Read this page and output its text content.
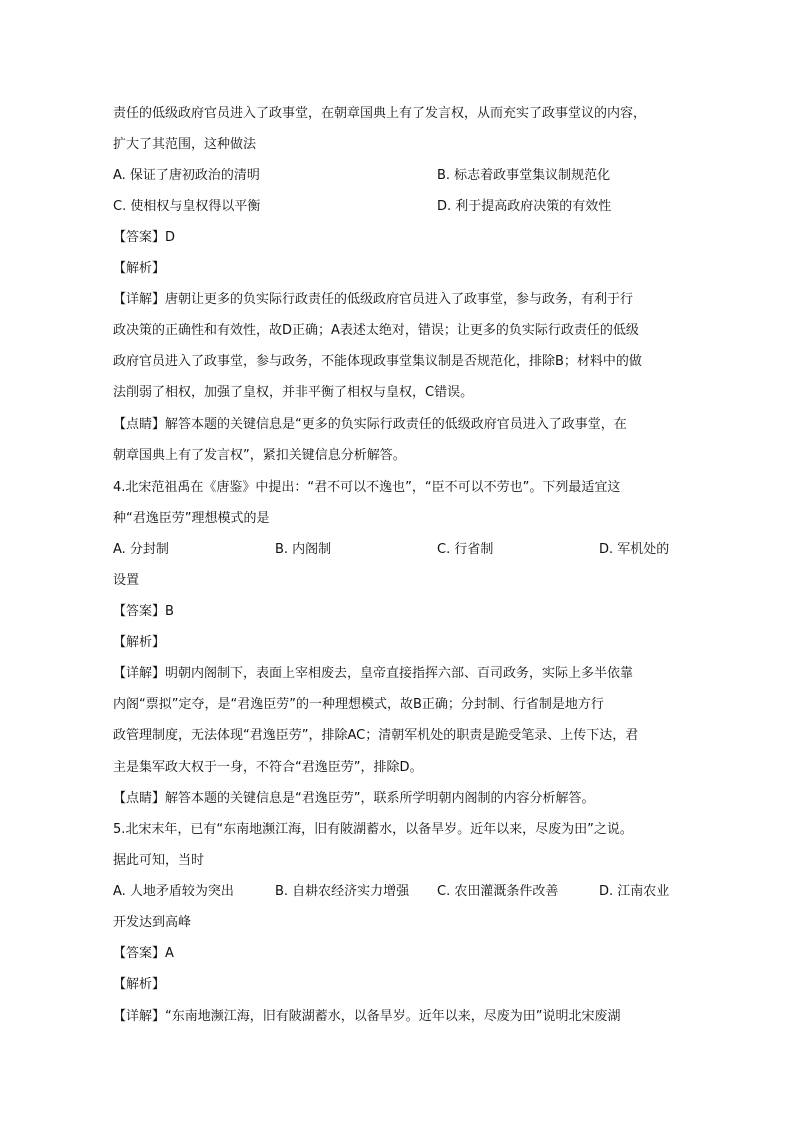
责任的低级政府官员进入了政事堂，在朝章国典上有了发言权，从而充实了政事堂议的内容，
扩大了其范围，这种做法
A. 保证了唐初政治的清明	B. 标志着政事堂集议制规范化
C. 使相权与皇权得以平衡	D. 利于提高政府决策的有效性
【答案】D
【解析】
【详解】唐朝让更多的负实际行政责任的低级政府官员进入了政事堂，参与政务，有利于行
政决策的正确性和有效性，故D正确；A表述太绝对，错误；让更多的负实际行政责任的低级
政府官员进入了政事堂，参与政务，不能体现政事堂集议制是否规范化，排除B；材料中的做
法削弱了相权，加强了皇权，并非平衡了相权与皇权，C错误。
【点睛】解答本题的关键信息是“更多的负实际行政责任的低级政府官员进入了政事堂，在
朝章国典上有了发言权”，紧扣关键信息分析解答。
4.北宋范祖禹在《唐鉴》中提出：“君不可以不逸也”，“臣不可以不劳也”。下列最适宜这
种“君逸臣劳”理想模式的是
A. 分封制	B. 内阁制	C. 行省制	D. 军机处的
设置
【答案】B
【解析】
【详解】明朝内阁制下，表面上宰相废去，皇帝直接指挥六部、百司政务，实际上多半依靠
内阁“票拟”定夺，是“君逸臣劳”的一种理想模式，故B正确；分封制、行省制是地方行
政管理制度，无法体现“君逸臣劳”，排除AC；清朝军机处的职责是跪受笔录、上传下达，君
主是集军政大权于一身，不符合“君逸臣劳”，排除D。
【点睛】解答本题的关键信息是“君逸臣劳”，联系所学明朝内阁制的内容分析解答。
5.北宋末年，已有“东南地濒江海，旧有陂湖蓄水，以备旱岁。近年以来，尽废为田”之说。
据此可知，当时
A. 人地矛盾较为突出	B. 自耕农经济实力增强 C. 农田灌溉条件改善	D. 江南农业
开发达到高峰
【答案】A
【解析】
【详解】“东南地濒江海，旧有陂湖蓄水，以备旱岁。近年以来，尽废为田”说明北宋废湖
